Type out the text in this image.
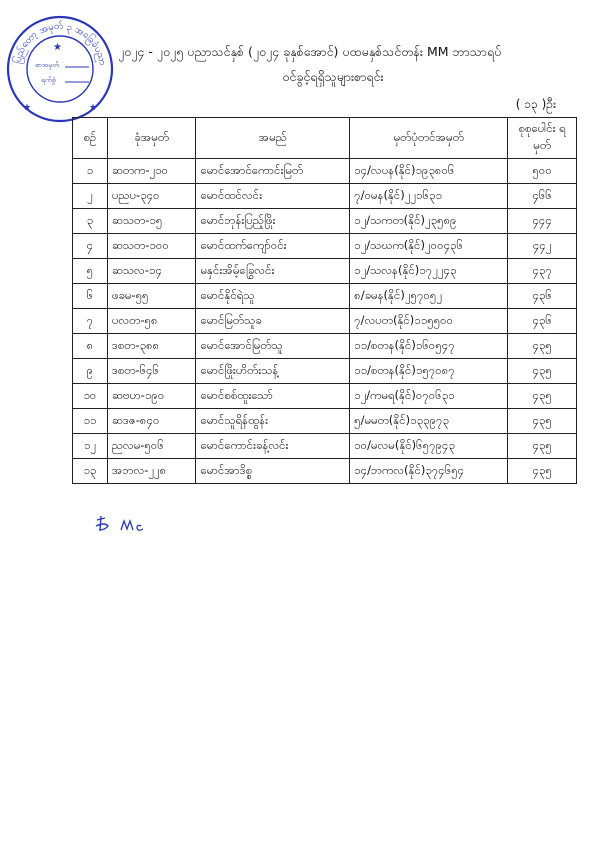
ပြည်တော့ အမှတ် ၃ အခြေခံပညာ
စာအမှတ်
ရက်စွဲ
★
★	★
၂၀၂၄ - ၂၀၂၅ ပညာသင်နှစ် (၂၀၂၄ ခုနှစ်အောင်) ပထမနှစ်သင်တန်း MM ဘာသာရပ်
ဝင်ခွင့်ရရှိသူများစာရင်း
( ၁၃ )ဦး
စဉ်	ခုံအမှတ်	အမည်	မှတ်ပုံတင်အမှတ်	စုစုပေါင်း ရမှတ်
၁	ဆတက-၂၁၀	မောင်အောင်ကောင်းမြတ်	၁၄/လပန(နိုင်)၁၉၃၈၀၆	၅၀၀
၂	ပညပ-၃၄၀	မောင်ထင်လင်း	၇/ဝမန(နိုင်)၂၂၁၆၃၁	၄၆၆
၃	ဆသတ-၁၅	မောင်ဘုန်းပြည့်ဖြိုး	၁၂/သကတ(နိုင်)၂၃၅၈၉	၄၄၄
၄	ဆသတ-၁၀၀	မောင်ထက်ကျော်ဝင်း	၁၂/သဃက(နိုင်)၂၀၀၄၃၆	၄၄၂
၅	ဆသလ-၁၄	မနှင်းအိမ့်ခြွေလင်း	၁၂/သလန(နိုင်)၁၇၂၂၄၃	၄၃၇
၆	ဖခမ-၅၅	မောင်နိုင်ရဲသူ	၈/ခမန(နိုင်)၂၅၇၀၅၂	၄၃၆
၇	ပလတ-၅၈	မောင်မြတ်သူခ	၇/လပတ(နိုင်)၁၁၅၅၀၀	၄၃၆
၈	ဒစတ-၃၈၈	မောင်အောင်မြတ်သူ	၁၁/စတန(နိုင်)၁၆၀၅၄၇	၄၃၅
၉	ဒစတ-၆၄၆	မောင်ဖြိုးဟိတ်းသန့်	၁၁/စတန(နိုင်)၁၅၇၀၈၇	၄၃၅
၁၀	ဆဗဟ-၁၉၀	မောင်စစ်ထူးသော်	၁၂/ကမရ(နိုင်)၀၇၀၆၃၁	၄၃၅
၁၁	ဆဒဇ-၈၄၀	မောင်သူရိန်ထွန်း	၅/မမတ(နိုင်)၁၃၃၉၇၃	၄၃၅
၁၂	ညလမ-၅၀၆	မောင်ကောင်းခန့်လင်း	၁၀/မလမ(နိုင်)၆၅၇၉၄၃	၄၃၅
၁၃	အဘလ-၂၂၈	မောင်အာဒိစ္စ	၁၄/ဘကလ(နိုင်)၃၇၄၆၅၄	၄၃၅
